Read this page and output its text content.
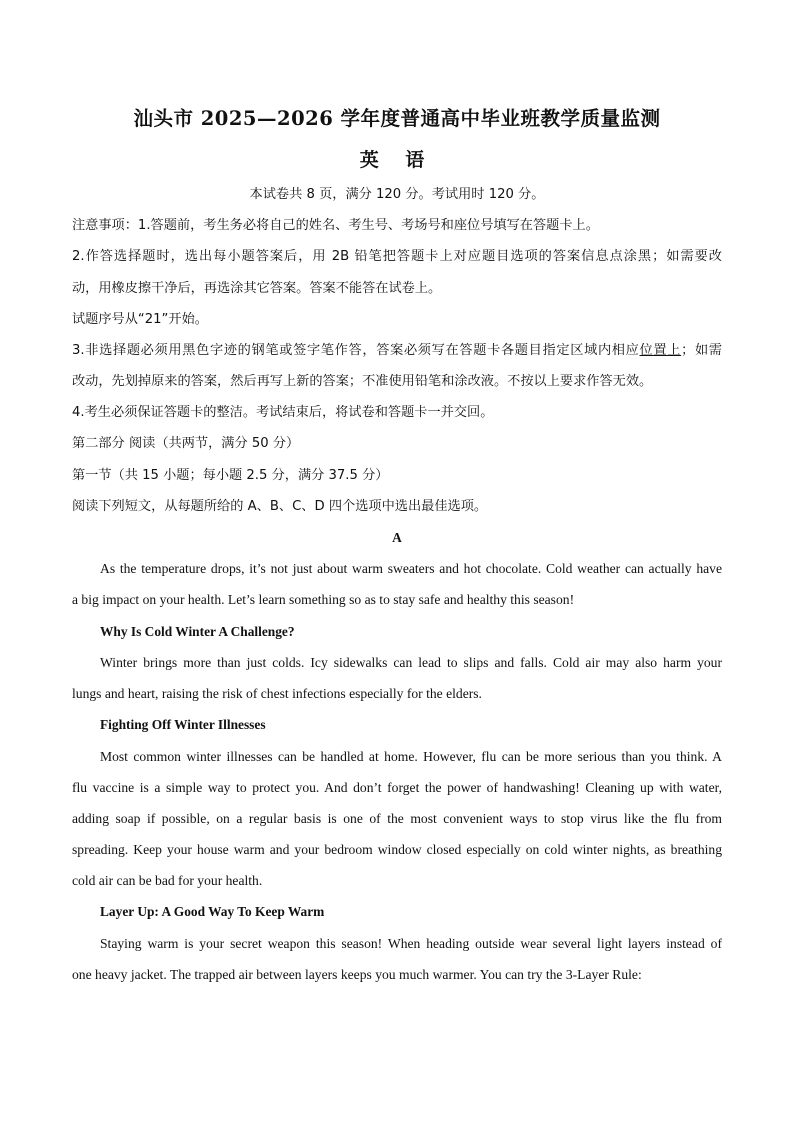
汕头市 2025—2026 学年度普通高中毕业班教学质量监测
英 语
本试卷共 8 页，满分 120 分。考试用时 120 分。
注意事项：1.答题前，考生务必将自己的姓名、考生号、考场号和座位号填写在答题卡上。
2.作答选择题时，选出每小题答案后，用 2B 铅笔把答题卡上对应题目选项的答案信息点涂黑；如需要改
动，用橡皮擦干净后，再选涂其它答案。答案不能答在试卷上。
试题序号从“21”开始。
3.非选择题必须用黑色字迹的钢笔或签字笔作答，答案必须写在答题卡各题目指定区域内相应位置上；如需
改动，先划掉原来的答案，然后再写上新的答案；不准使用铅笔和涂改液。不按以上要求作答无效。
4.考生必须保证答题卡的整洁。考试结束后，将试卷和答题卡一并交回。
第二部分 阅读（共两节，满分 50 分）
第一节（共 15 小题；每小题 2.5 分，满分 37.5 分）
阅读下列短文，从每题所给的 A、B、C、D 四个选项中选出最佳选项。
A
As the temperature drops, it’s not just about warm sweaters and hot chocolate. Cold weather can actually have
a big impact on your health. Let’s learn something so as to stay safe and healthy this season!
Why Is Cold Winter A Challenge?
Winter brings more than just colds. Icy sidewalks can lead to slips and falls. Cold air may also harm your
lungs and heart, raising the risk of chest infections especially for the elders.
Fighting Off Winter Illnesses
Most common winter illnesses can be handled at home. However, flu can be more serious than you think. A
flu vaccine is a simple way to protect you. And don’t forget the power of handwashing! Cleaning up with water,
adding soap if possible, on a regular basis is one of the most convenient ways to stop virus like the flu from
spreading. Keep your house warm and your bedroom window closed especially on cold winter nights, as breathing
cold air can be bad for your health.
Layer Up: A Good Way To Keep Warm
Staying warm is your secret weapon this season! When heading outside wear several light layers instead of
one heavy jacket. The trapped air between layers keeps you much warmer. You can try the 3-Layer Rule:
